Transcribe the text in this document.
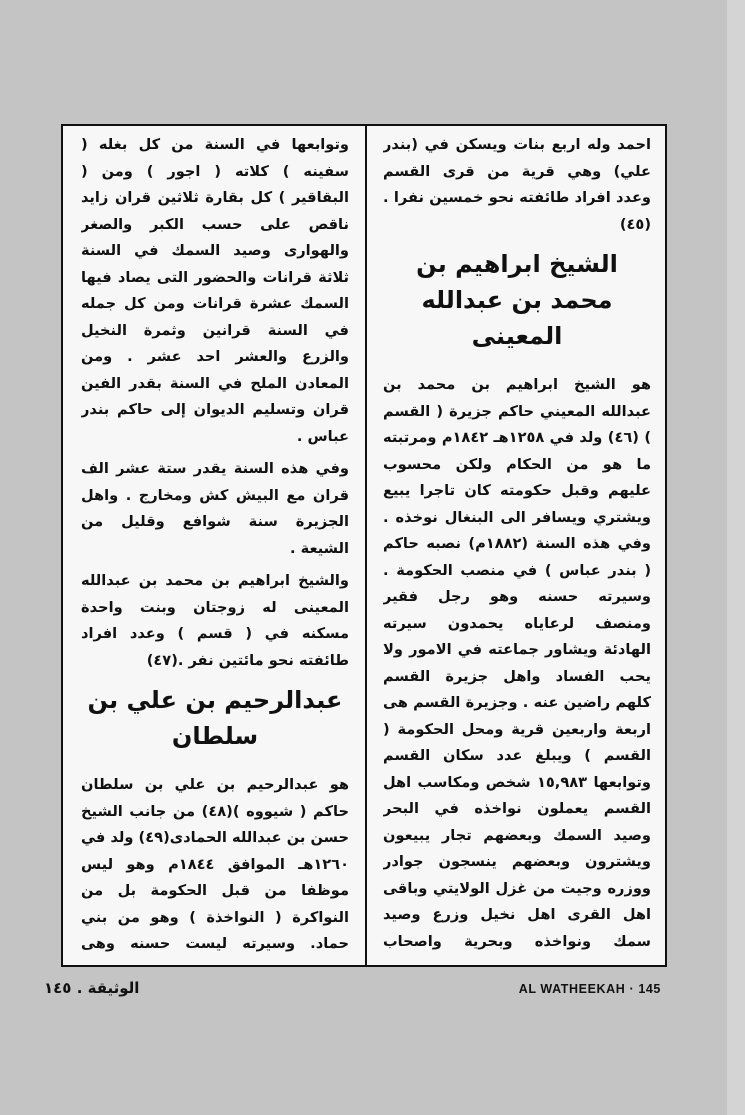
احمد وله اربع بنات ويسكن في (بندر علي) وهي قرية من قرى القسم وعدد افراد طائفته نحو خمسين نفرا .(٤٥)

الشيخ ابراهيم بن محمد بن عبدالله المعينى

هو الشيخ ابراهيم بن محمد بن عبدالله المعيني حاكم جزيرة ( القسم ) (٤٦) ولد في ١٢٥٨هـ ١٨٤٢م ومرتبته ما هو من الحكام ولكن محسوب عليهم وقبل حكومته كان تاجرا يبيع ويشتري ويسافر الى البنغال نوخذه . وفي هذه السنة (١٨٨٢م) نصبه حاكم ( بندر عباس ) في منصب الحكومة . وسيرته حسنه وهو رجل فقير ومنصف لرعاياه يحمدون سيرته الهادئة ويشاور جماعته في الامور ولا يحب الفساد واهل جزيرة القسم كلهم راضين عنه . وجزيرة القسم هى اربعة واربعين قرية ومحل الحكومة ( القسم ) ويبلغ عدد سكان القسم وتوابعها ١٥,٩٨٣ شخص ومكاسب اهل القسم يعملون نواخذه في البحر وصيد السمك وبعضهم تجار يبيعون ويشترون وبعضهم ينسجون جوادر ووزره وجيت من غزل الولايتي وباقى اهل القرى اهل نخيل وزرع وصيد سمك ونواخذه وبحرية واصحاب

وتوابعها في السنة من كل بغله ( سفينه ) كلاته ( اجور ) ومن ( البقاقير ) كل بقارة ثلاثين قران زايد ناقص على حسب الكبر والصغر والهوارى وصيد السمك في السنة ثلاثة قرانات والحضور التى يصاد فيها السمك عشرة قرانات ومن كل جمله في السنة قرانين وثمرة النخيل والزرع والعشر احد عشر . ومن المعادن الملح في السنة بقدر الفين قران وتسليم الديوان إلى حاكم بندر عباس .

وفي هذه السنة يقدر ستة عشر الف قران مع البيش كش ومخارج . واهل الجزيرة سنة شوافع وقليل من الشيعة .

والشيخ ابراهيم بن محمد بن عبدالله المعينى له زوجتان وبنت واحدة مسكنه في ( قسم ) وعدد افراد طائفته نحو مائتين نفر .(٤٧)

عبدالرحيم بن علي بن سلطان

هو عبدالرحيم بن علي بن سلطان حاكم ( شيووه )(٤٨) من جانب الشيخ حسن بن عبدالله الحمادى(٤٩) ولد في ١٢٦٠هـ الموافق ١٨٤٤م وهو ليس موظفا من قبل الحكومة بل من النواكرة ( النواخذة ) وهو من بني حماد. وسيرته ليست حسنه وهى

الوثيقة . ١٤٥	AL WATHEEKAH · 145
